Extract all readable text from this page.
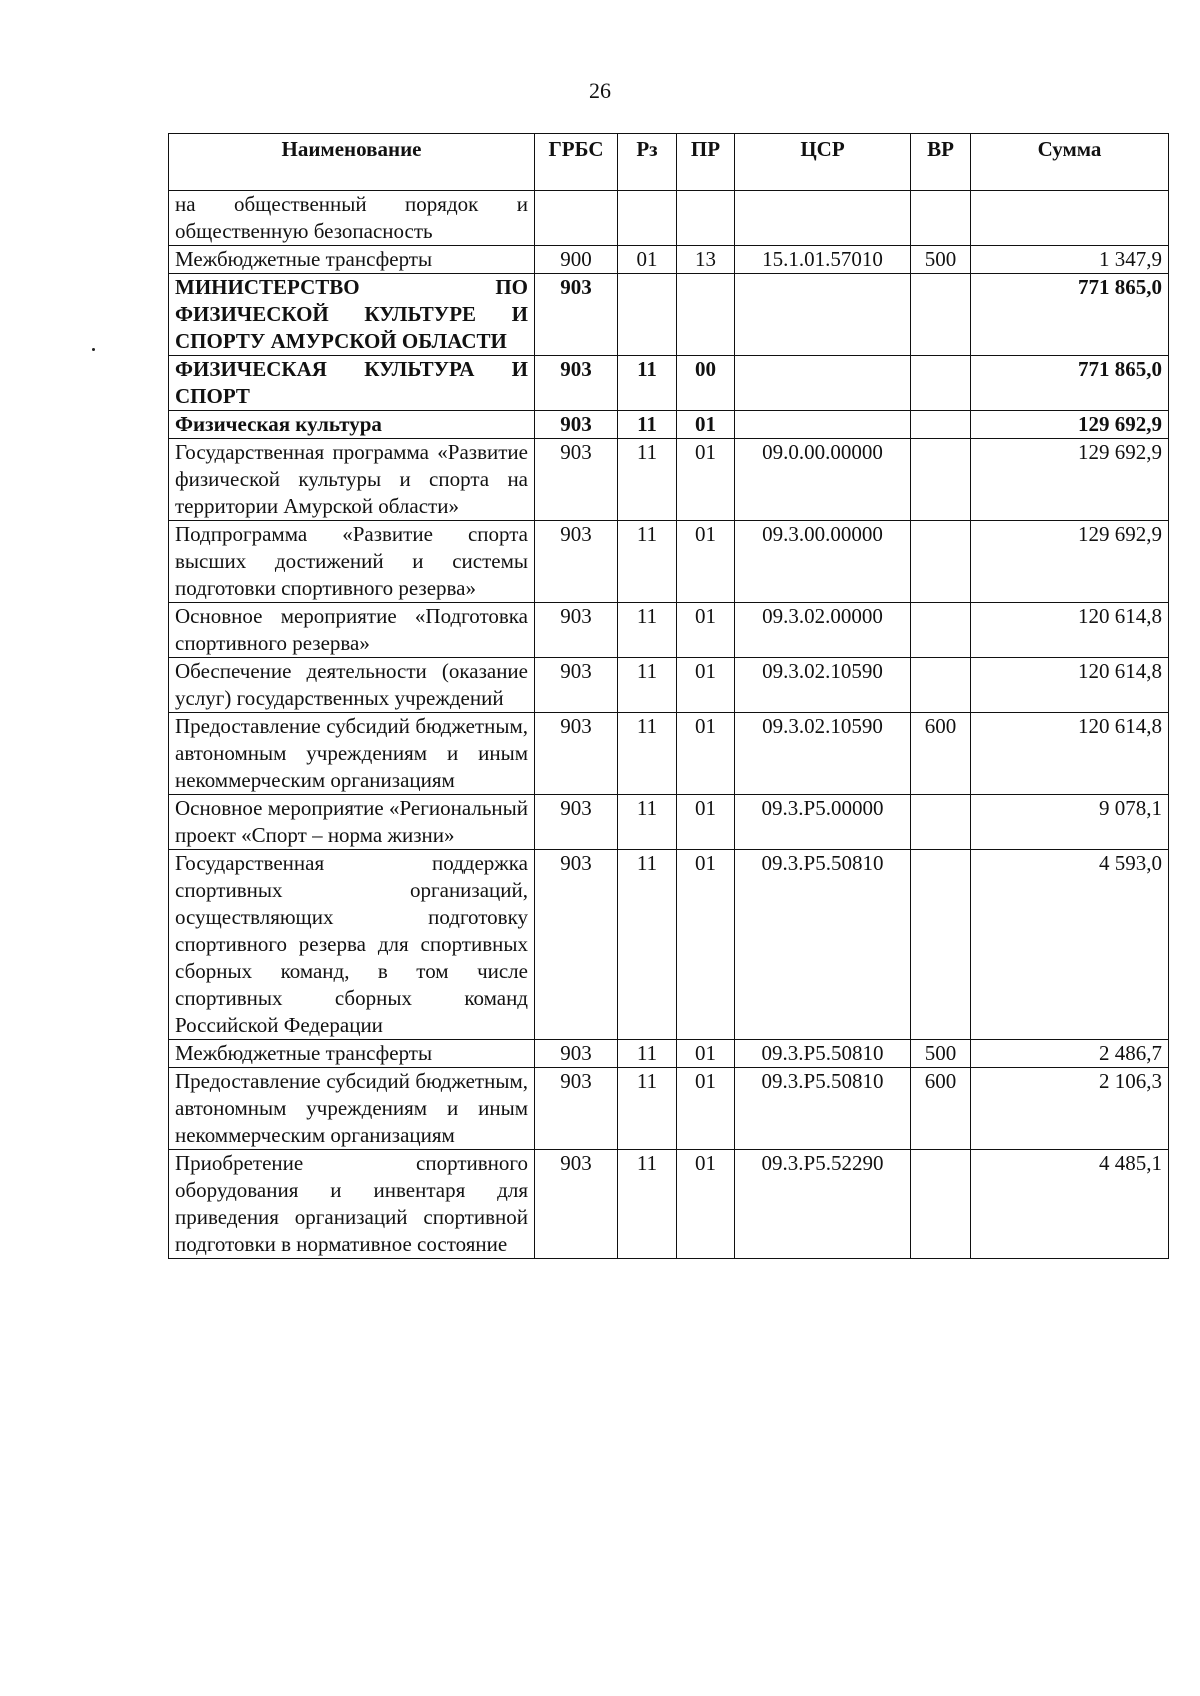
26
Наименование	ГРБС	Рз	ПР	ЦСР	ВР	Сумма
на общественный порядок и общественную безопасность						
Межбюджетные трансферты	900	01	13	15.1.01.57010	500	1 347,9
МИНИСТЕРСТВО ПО ФИЗИЧЕСКОЙ КУЛЬТУРЕ И СПОРТУ АМУРСКОЙ ОБЛАСТИ	903					771 865,0
ФИЗИЧЕСКАЯ КУЛЬТУРА И СПОРТ	903	11	00			771 865,0
Физическая культура	903	11	01			129 692,9
Государственная программа «Развитие физической культуры и спорта на территории Амурской области»	903	11	01	09.0.00.00000		129 692,9
Подпрограмма «Развитие спорта высших достижений и системы подготовки спортивного резерва»	903	11	01	09.3.00.00000		129 692,9
Основное мероприятие «Подготовка спортивного резерва»	903	11	01	09.3.02.00000		120 614,8
Обеспечение деятельности (оказание услуг) государственных учреждений	903	11	01	09.3.02.10590		120 614,8
Предоставление субсидий бюджетным, автономным учреждениям и иным некоммерческим организациям	903	11	01	09.3.02.10590	600	120 614,8
Основное мероприятие «Региональный проект «Спорт – норма жизни»	903	11	01	09.3.P5.00000		9 078,1
Государственная поддержка спортивных организаций, осуществляющих подготовку спортивного резерва для спортивных сборных команд, в том числе спортивных сборных команд Российской Федерации	903	11	01	09.3.P5.50810		4 593,0
Межбюджетные трансферты	903	11	01	09.3.P5.50810	500	2 486,7
Предоставление субсидий бюджетным, автономным учреждениям и иным некоммерческим организациям	903	11	01	09.3.P5.50810	600	2 106,3
Приобретение спортивного оборудования и инвентаря для приведения организаций спортивной подготовки в нормативное состояние	903	11	01	09.3.P5.52290		4 485,1
